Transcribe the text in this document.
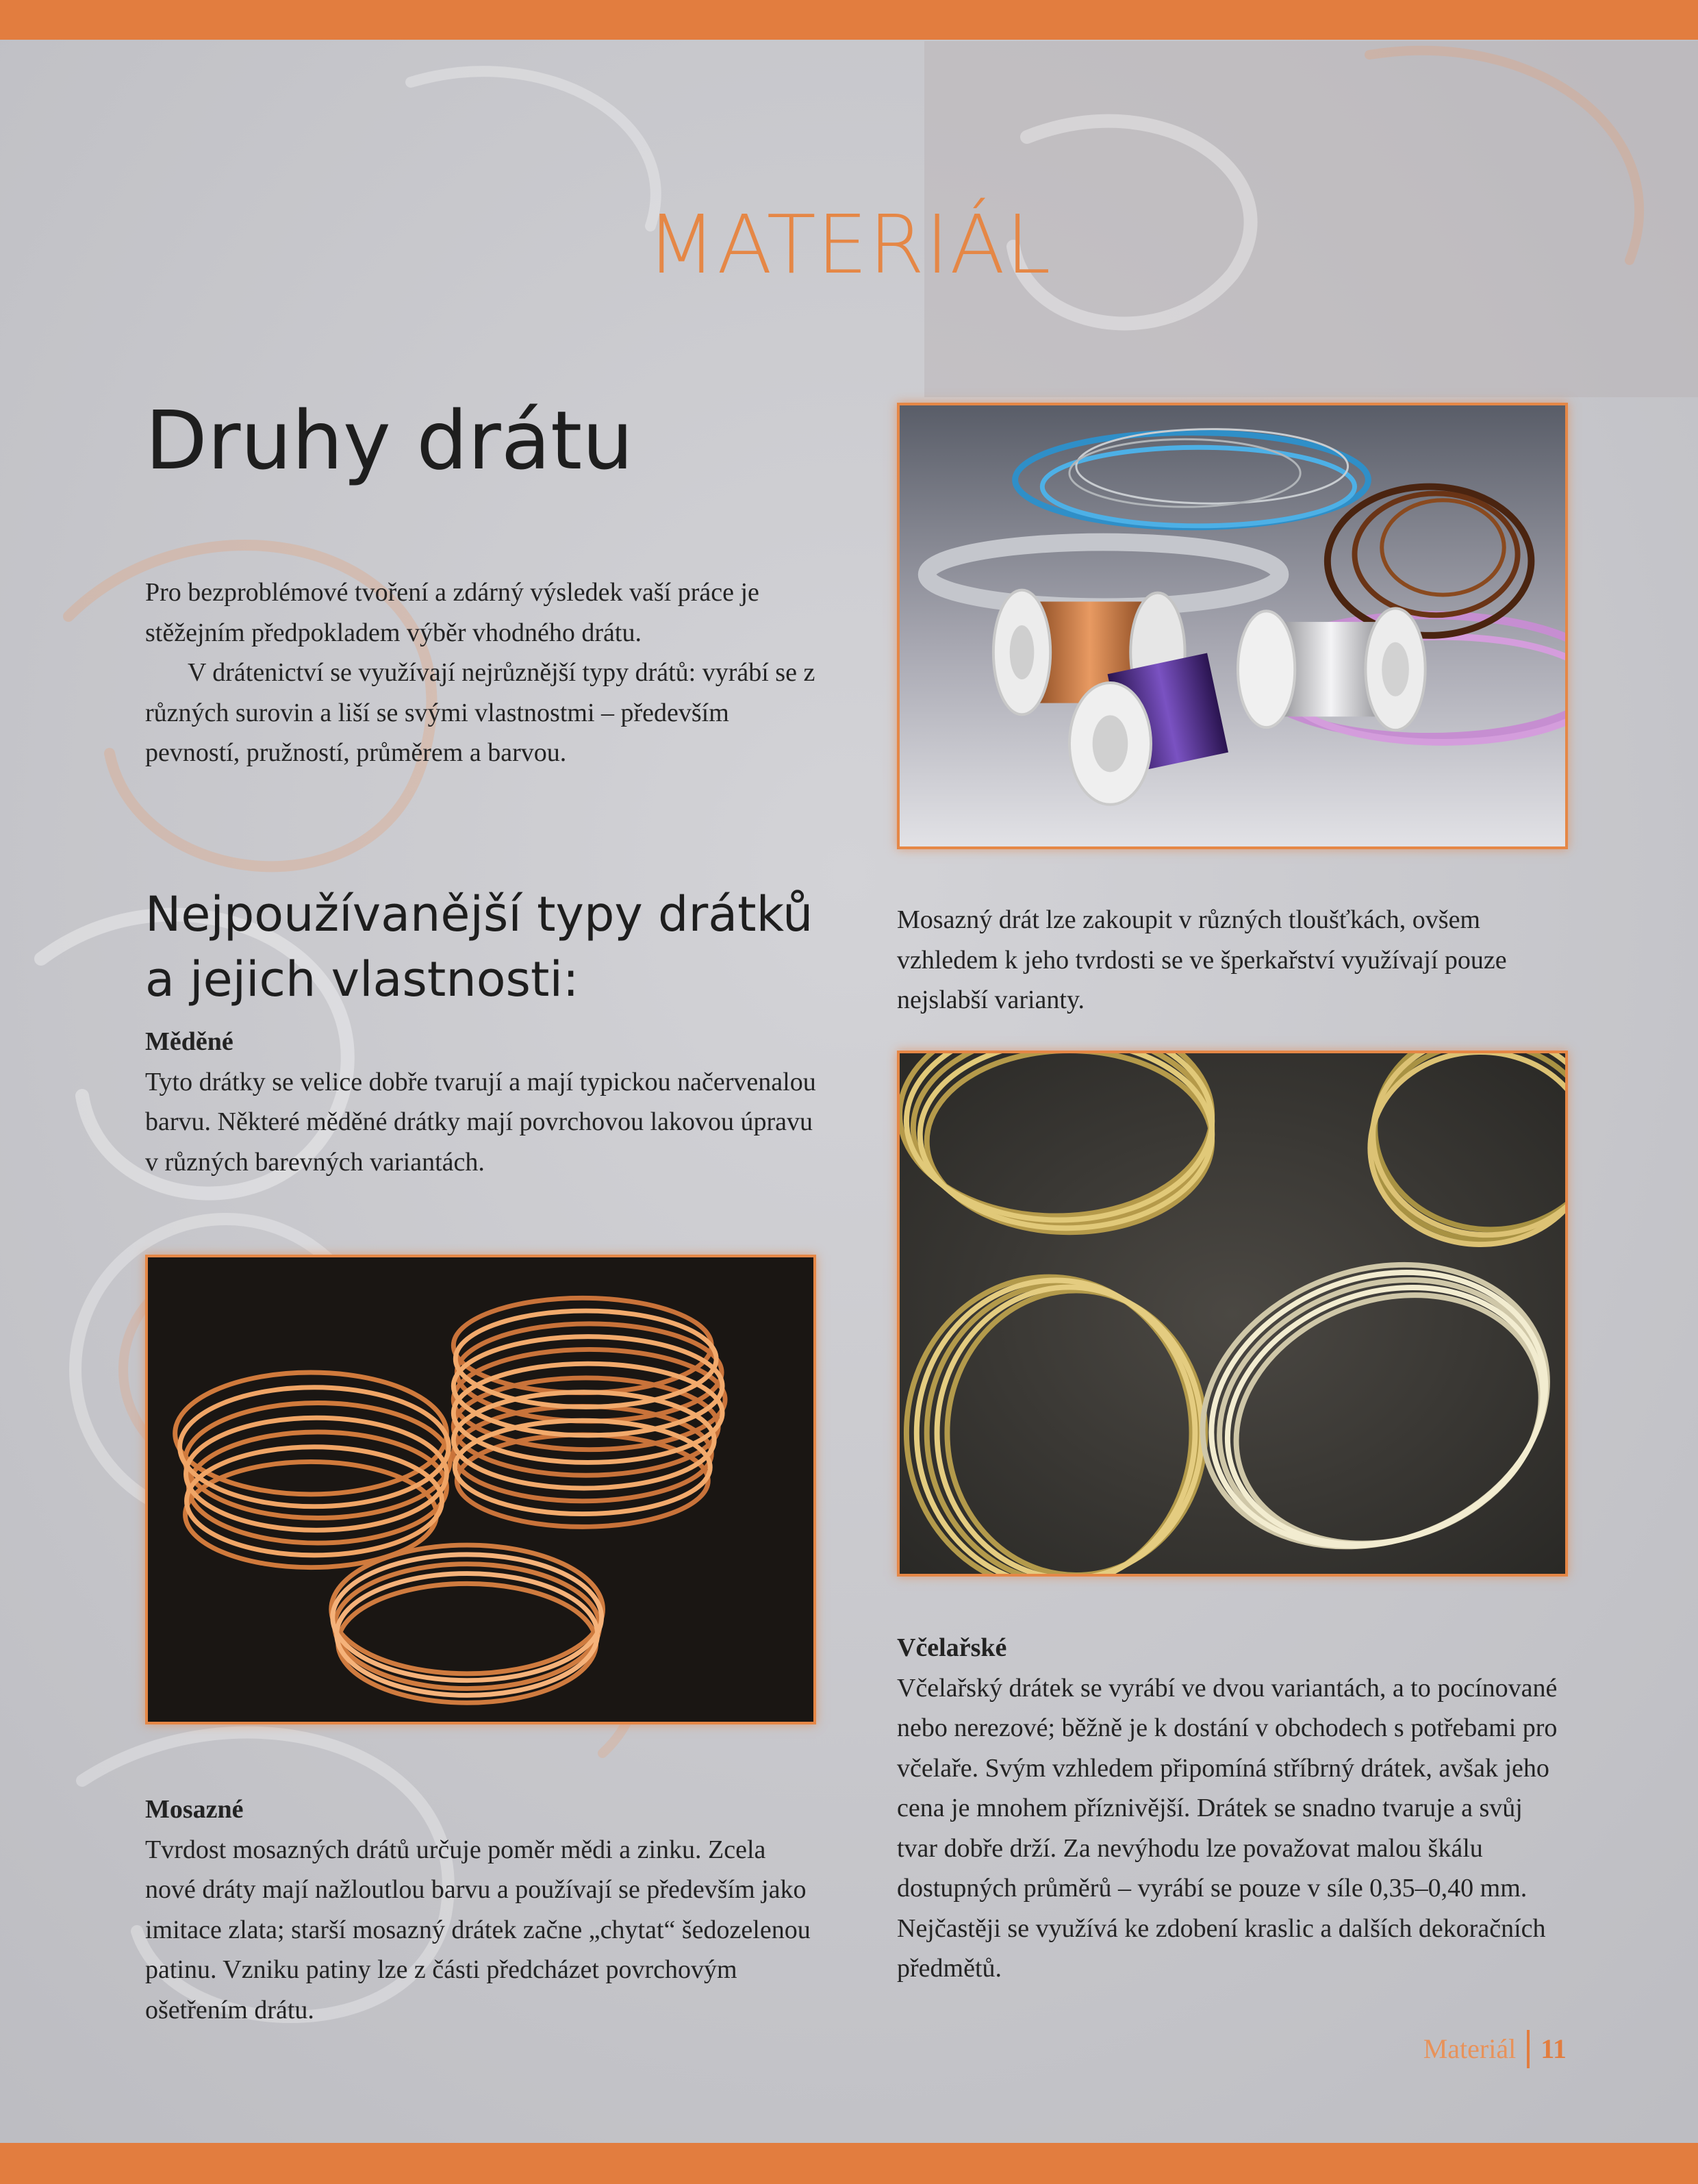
MATERIÁL
Druhy drátu

Pro bezproblémové tvoření a zdárný výsledek vaší práce je stěžejním předpokladem výběr vhodného drátu.

V drátenictví se využívají nejrůznější typy drátů: vyrábí se z různých surovin a liší se svými vlastnostmi – především pevností, pružností, průměrem a barvou.

Nejpoužívanější typy drátků a jejich vlastnosti:
Měděné

Tyto drátky se velice dobře tvarují a mají typickou načervenalou barvu. Některé měděné drátky mají povrchovou lakovou úpravu v různých barevných variantách.

Mosazný drát lze zakoupit v různých tloušťkách, ovšem vzhledem k jeho tvrdosti se ve šperkařství využívají pouze nejslabší varianty.

Mosazné

Tvrdost mosazných drátů určuje poměr mědi a zinku. Zcela nové dráty mají nažloutlou barvu a používají se především jako imitace zlata; starší mosazný drátek začne „chytat“ šedozelenou patinu. Vzniku patiny lze z části předcházet povrchovým ošetřením drátu.

Včelařské

Včelařský drátek se vyrábí ve dvou variantách, a to pocínované nebo nerezové; běžně je k dostání v obchodech s potřebami pro včelaře. Svým vzhledem připomíná stříbrný drátek, avšak jeho cena je mnohem příznivější. Drátek se snadno tvaruje a svůj tvar dobře drží. Za nevýhodu lze považovat malou škálu dostupných průměrů – vyrábí se pouze v síle 0,35–0,40 mm. Nejčastěji se využívá ke zdobení kraslic a dalších dekoračních předmětů.

Materiál 11
